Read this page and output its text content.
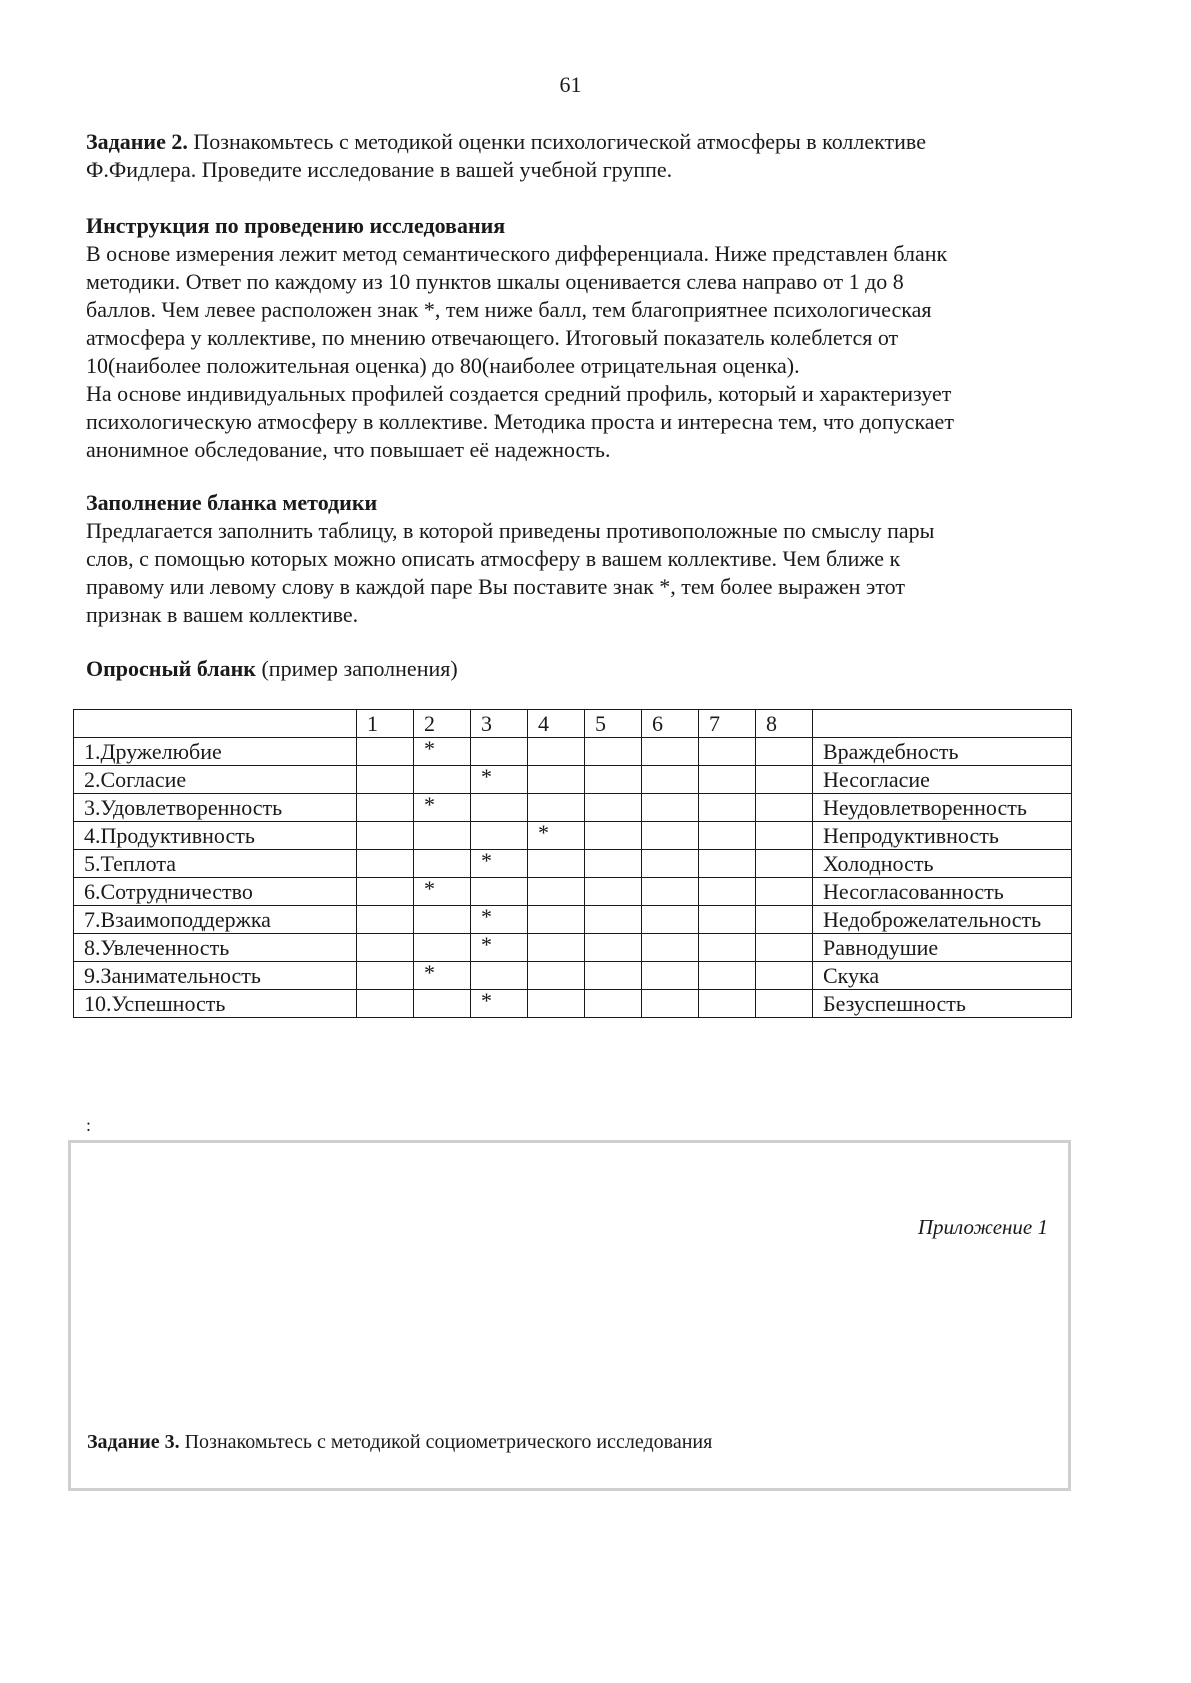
61

Задание 2. Познакомьтесь с методикой оценки психологической атмосферы в коллективе

Ф.Фидлера. Проведите исследование в вашей учебной группе.

Инструкция по проведению исследования

В основе измерения лежит метод семантического дифференциала. Ниже представлен бланк

методики. Ответ по каждому из 10 пунктов шкалы оценивается слева направо от 1 до 8

баллов. Чем левее расположен знак *, тем ниже балл, тем благоприятнее психологическая

атмосфера у коллективе, по мнению отвечающего. Итоговый показатель колеблется от

10(наиболее положительная оценка) до 80(наиболее отрицательная оценка).

На основе индивидуальных профилей создается средний профиль, который и характеризует

психологическую атмосферу в коллективе. Методика проста и интересна тем, что допускает

анонимное обследование, что повышает её надежность.

Заполнение бланка методики

Предлагается заполнить таблицу, в которой приведены противоположные по смыслу пары

слов, с помощью которых можно описать атмосферу в вашем коллективе. Чем ближе к

правому или левому слову в каждой паре Вы поставите знак *, тем более выражен этот

признак в вашем коллективе.

Опросный бланк (пример заполнения)

	1	2	3	4	5	6	7	8	
1.Дружелюбие		*							Враждебность
2.Согласие			*						Несогласие
3.Удовлетворенность		*							Неудовлетворенность
4.Продуктивность				*					Непродуктивность
5.Теплота			*						Холодность
6.Сотрудничество		*							Несогласованность
7.Взаимоподдержка			*						Недоброжелательность
8.Увлеченность			*						Равнодушие
9.Занимательность		*							Скука
10.Успешность			*						Безуспешность
:
Приложение 1
Задание 3. Познакомьтесь с методикой социометрического исследования
